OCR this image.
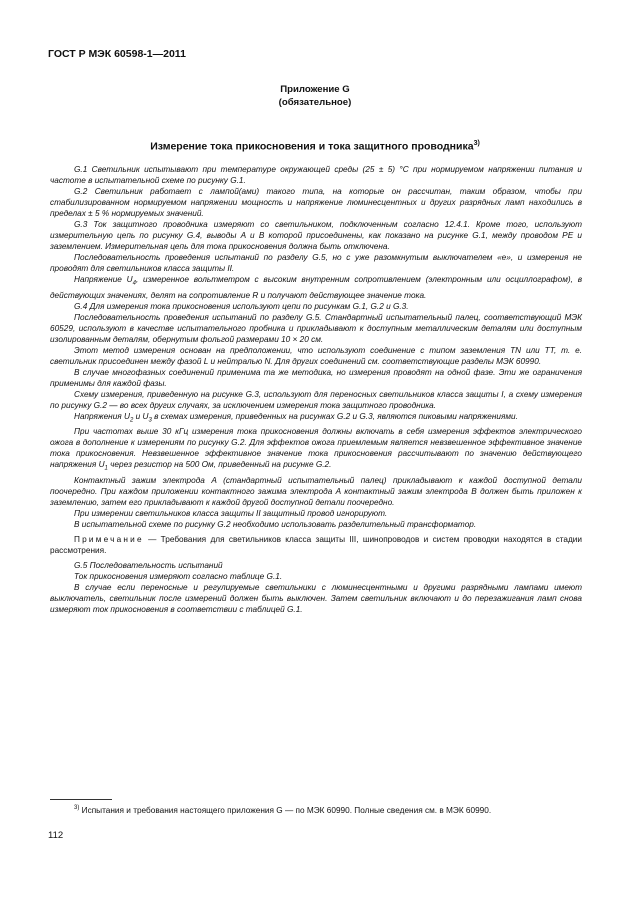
ГОСТ Р МЭК 60598-1—2011
Приложение G
(обязательное)
Измерение тока прикосновения и тока защитного проводника$^{3)}$

G.1 Светильник испытывают при температуре окружающей среды (25 ± 5) °С при нормируемом напряжении питания и частоте в испытательной схеме по рисунку G.1.

G.2 Светильник работает с лампой(ами) такого типа, на которые он рассчитан, таким образом, чтобы при стабилизированном нормируемом напряжении мощность и напряжение люминесцентных и других разрядных ламп находились в пределах ± 5 % нормируемых значений.

G.3 Ток защитного проводника измеряют со светильником, подключенным согласно 12.4.1. Кроме того, используют измерительную цепь по рисунку G.4, выводы A и B которой присоединены, как показано на рисунке G.1, между проводом PE и заземлением. Измерительная цепь для тока прикосновения должна быть отключена.

Последовательность проведения испытаний по разделу G.5, но с уже разомкнутым выключателем «e», и измерения не проводят для светильников класса защиты II.

Напряжение $U_4$, измеренное вольтметром с высоким внутренним сопротивлением (электронным или осциллографом), в действующих значениях, делят на сопротивление R и получают действующее значение тока.

G.4 Для измерения тока прикосновения используют цепи по рисункам G.1, G.2 и G.3.

Последовательность проведения испытаний по разделу G.5. Стандартный испытательный палец, соответствующий МЭК 60529, используют в качестве испытательного пробника и прикладывают к доступным металлическим деталям или доступным изолированным деталям, обернутым фольгой размерами 10 × 20 см.

Этот метод измерения основан на предположении, что используют соединение с типом заземления TN или TT, т. е. светильник присоединен между фазой L и нейтралью N. Для других соединений см. соответствующие разделы МЭК 60990.

В случае многофазных соединений применима та же методика, но измерения проводят на одной фазе. Эти же ограничения применимы для каждой фазы.

Схему измерения, приведенную на рисунке G.3, используют для переносных светильников класса защиты I, а схему измерения по рисунку G.2 — во всех других случаях, за исключением измерения тока защитного проводника.

Напряжения $U_2$ и $U_3$ в схемах измерения, приведенных на рисунках G.2 и G.3, являются пиковыми напряжениями.

При частотах выше 30 кГц измерения тока прикосновения должны включать в себя измерения эффектов электрического ожога в дополнение к измерениям по рисунку G.2. Для эффектов ожога приемлемым является невзвешенное эффективное значение тока прикосновения. Невзвешенное эффективное значение тока прикосновения рассчитывают по значению действующего напряжения $U_1$ через резистор на 500 Ом, приведенный на рисунке G.2.

Контактный зажим электрода A (стандартный испытательный палец) прикладывают к каждой доступной детали поочередно. При каждом приложении контактного зажима электрода A контактный зажим электрода B должен быть приложен к заземлению, затем его прикладывают к каждой другой доступной детали поочередно.

При измерении светильников класса защиты II защитный провод игнорируют.

В испытательной схеме по рисунку G.2 необходимо использовать разделительный трансформатор.

Примечание — Требования для светильников класса защиты III, шинопроводов и систем проводки находятся в стадии рассмотрения.

G.5 Последовательность испытаний

Ток прикосновения измеряют согласно таблице G.1.

В случае если переносные и регулируемые светильники с люминесцентными и другими разрядными лампами имеют выключатель, светильник после измерений должен быть выключен. Затем светильник включают и до перезажигания ламп снова измеряют ток прикосновения в соответствии с таблицей G.1.

$^{3)}$ Испытания и требования настоящего приложения G — по МЭК 60990. Полные сведения см. в МЭК 60990.
112
